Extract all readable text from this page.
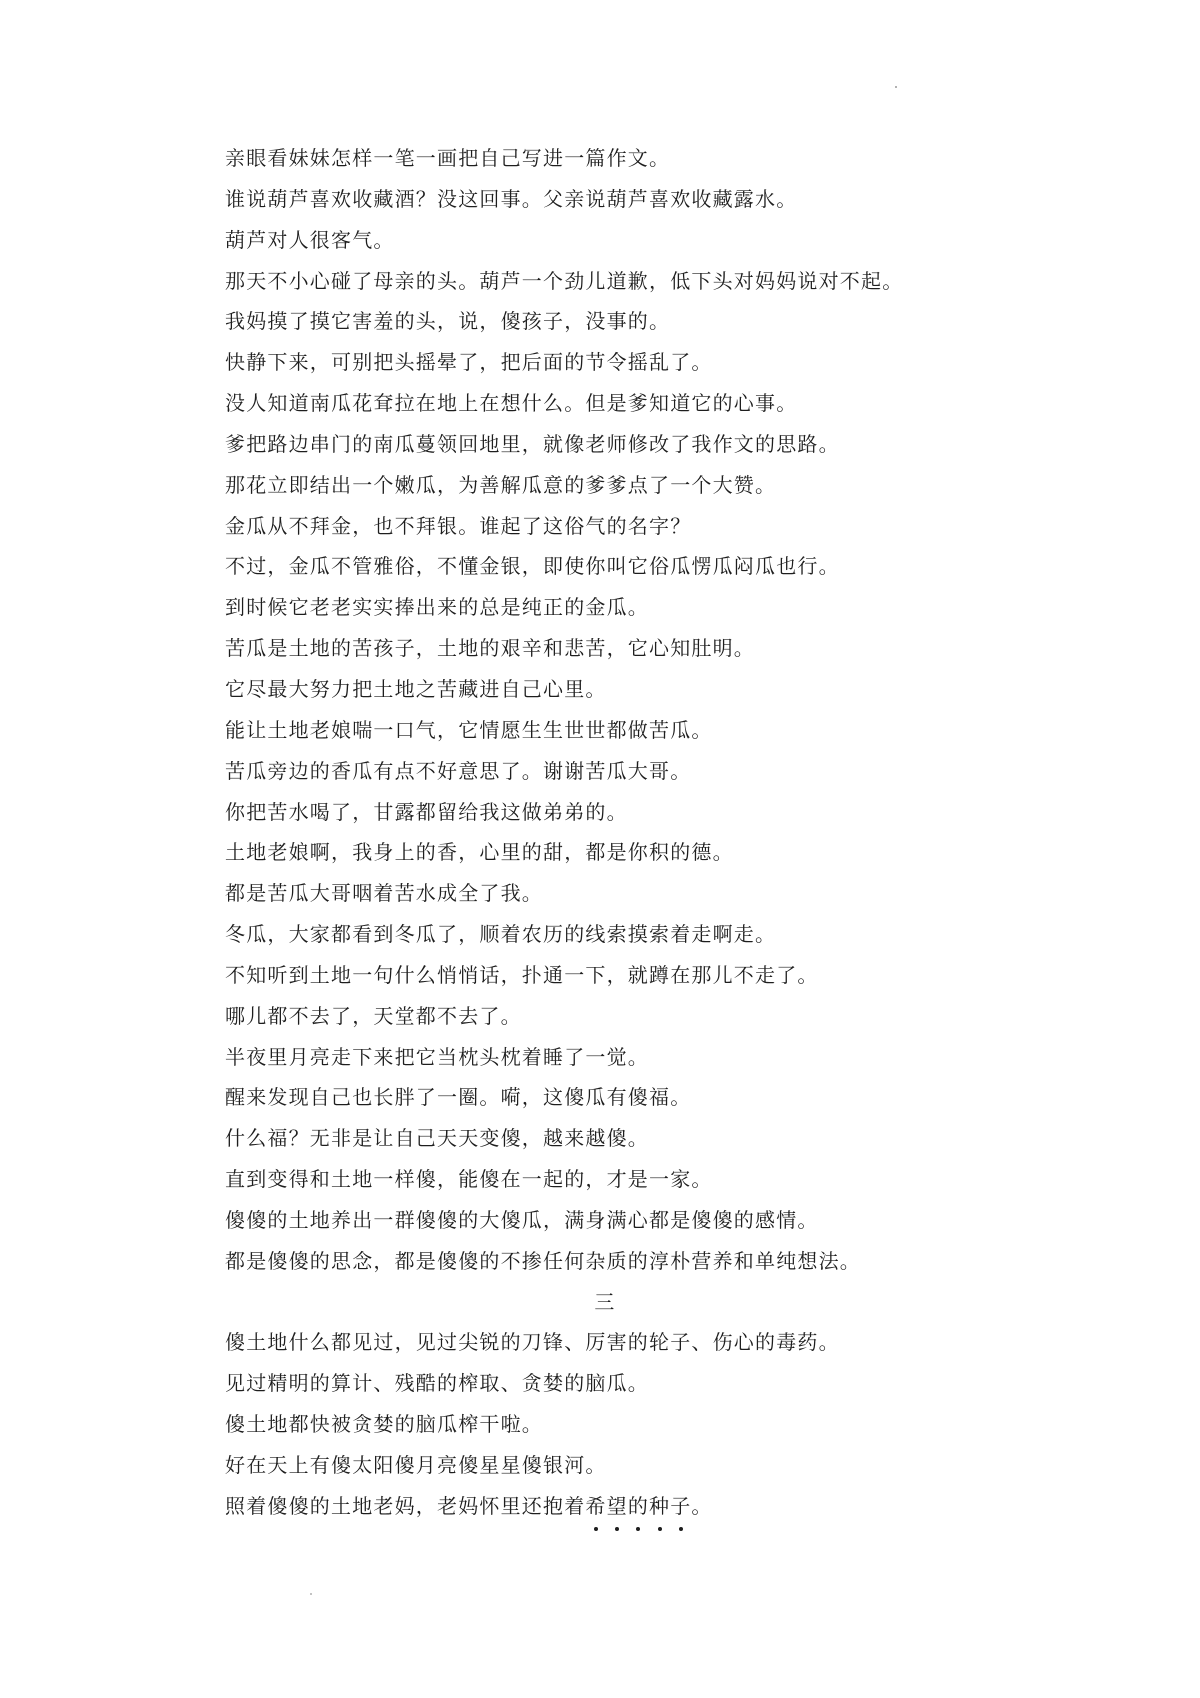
亲眼看妹妹怎样一笔一画把自己写进一篇作文。
谁说葫芦喜欢收藏酒？没这回事。父亲说葫芦喜欢收藏露水。
葫芦对人很客气。
那天不小心碰了母亲的头。葫芦一个劲儿道歉，低下头对妈妈说对不起。
我妈摸了摸它害羞的头，说，傻孩子，没事的。
快静下来，可别把头摇晕了，把后面的节令摇乱了。
没人知道南瓜花耷拉在地上在想什么。但是爹知道它的心事。
爹把路边串门的南瓜蔓领回地里，就像老师修改了我作文的思路。
那花立即结出一个嫩瓜，为善解瓜意的爹爹点了一个大赞。
金瓜从不拜金，也不拜银。谁起了这俗气的名字？
不过，金瓜不管雅俗，不懂金银，即使你叫它俗瓜愣瓜闷瓜也行。
到时候它老老实实捧出来的总是纯正的金瓜。
苦瓜是土地的苦孩子，土地的艰辛和悲苦，它心知肚明。
它尽最大努力把土地之苦藏进自己心里。
能让土地老娘喘一口气，它情愿生生世世都做苦瓜。
苦瓜旁边的香瓜有点不好意思了。谢谢苦瓜大哥。
你把苦水喝了，甘露都留给我这做弟弟的。
土地老娘啊，我身上的香，心里的甜，都是你积的德。
都是苦瓜大哥咽着苦水成全了我。
冬瓜，大家都看到冬瓜了，顺着农历的线索摸索着走啊走。
不知听到土地一句什么悄悄话，扑通一下，就蹲在那儿不走了。
哪儿都不去了，天堂都不去了。
半夜里月亮走下来把它当枕头枕着睡了一觉。
醒来发现自己也长胖了一圈。嗬，这傻瓜有傻福。
什么福？无非是让自己天天变傻，越来越傻。
直到变得和土地一样傻，能傻在一起的，才是一家。
傻傻的土地养出一群傻傻的大傻瓜，满身满心都是傻傻的感情。
都是傻傻的思念，都是傻傻的不掺任何杂质的淳朴营养和单纯想法。
三
傻土地什么都见过，见过尖锐的刀锋、厉害的轮子、伤心的毒药。
见过精明的算计、残酷的榨取、贪婪的脑瓜。
傻土地都快被贪婪的脑瓜榨干啦。
好在天上有傻太阳傻月亮傻星星傻银河。
照着傻傻的土地老妈，老妈怀里还抱着希望的种子。
